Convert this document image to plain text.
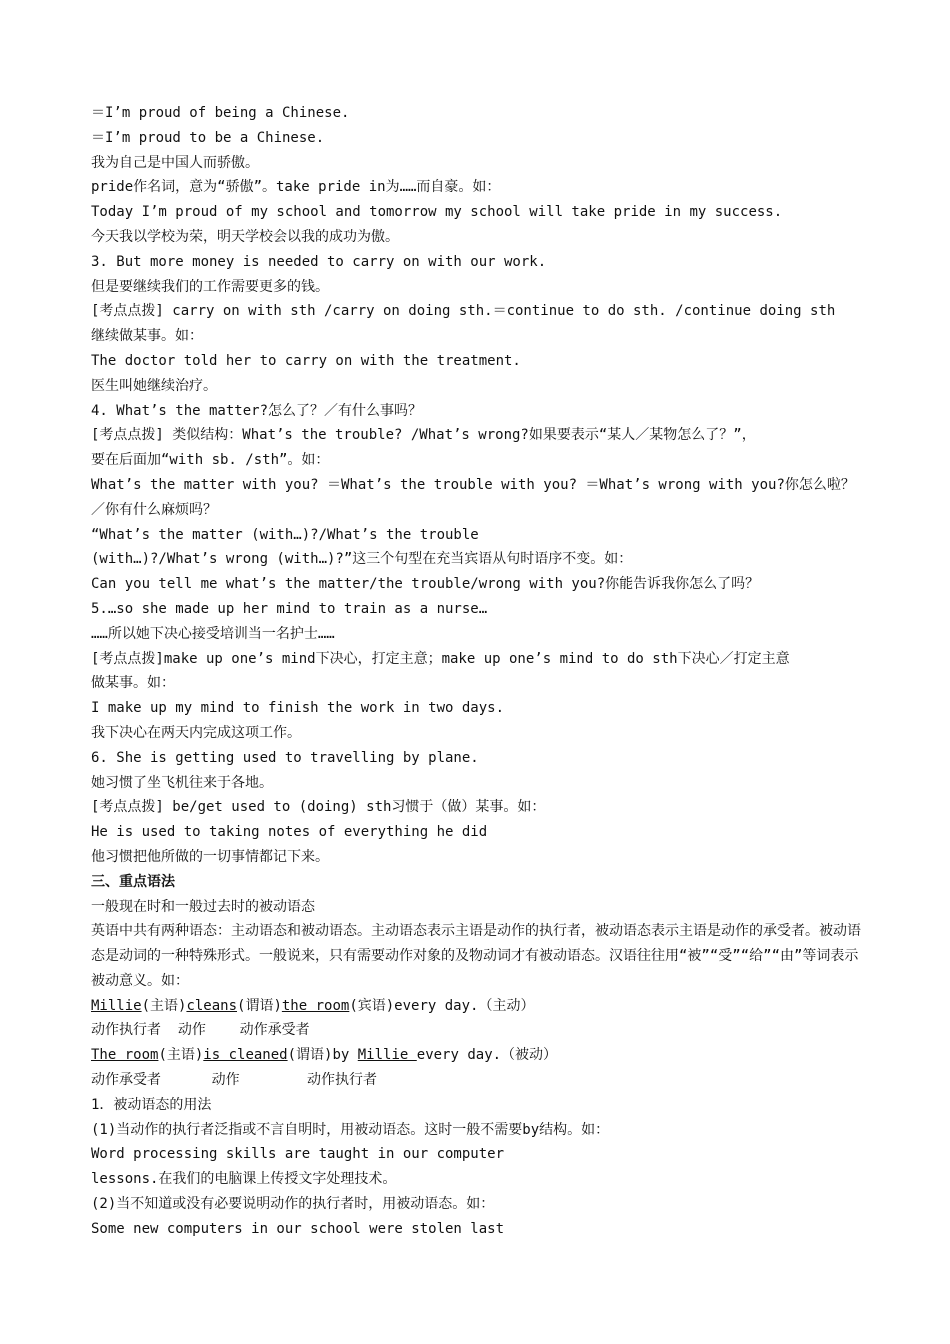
＝I’m proud of being a Chinese.
＝I’m proud to be a Chinese.
我为自己是中国人而骄傲。
pride作名词，意为“骄傲”。take pride in为……而自豪。如：
Today I’m proud of my school and tomorrow my school will take pride in my success.
今天我以学校为荣，明天学校会以我的成功为傲。
3. But more money is needed to carry on with our work.
但是要继续我们的工作需要更多的钱。
[考点点拨] carry on with sth /carry on doing sth.＝continue to do sth. /continue doing sth
继续做某事。如：
The doctor told her to carry on with the treatment.
医生叫她继续治疗。
4. What’s the matter?怎么了？／有什么事吗？
[考点点拨] 类似结构：What’s the trouble? /What’s wrong?如果要表示“某人／某物怎么了？”，
要在后面加“with sb. /sth”。如：
What’s the matter with you? ＝What’s the trouble with you? ＝What’s wrong with you?你怎么啦？
／你有什么麻烦吗？
“What’s the matter (with…)?/What’s the trouble
(with…)?/What’s wrong (with…)?”这三个句型在充当宾语从句时语序不变。如：
Can you tell me what’s the matter/the trouble/wrong with you?你能告诉我你怎么了吗？
5.…so she made up her mind to train as a nurse…
……所以她下决心接受培训当一名护士……
[考点点拨]make up one’s mind下决心，打定主意；make up one’s mind to do sth下决心／打定主意
做某事。如：
I make up my mind to finish the work in two days.
我下决心在两天内完成这项工作。
6. She is getting used to travelling by plane.
她习惯了坐飞机往来于各地。
[考点点拨] be/get used to (doing) sth习惯于（做）某事。如：
He is used to taking notes of everything he did
他习惯把他所做的一切事情都记下来。
三、重点语法
一般现在时和一般过去时的被动语态
英语中共有两种语态：主动语态和被动语态。主动语态表示主语是动作的执行者，被动语态表示主语是动作的承受者。被动语态是动词的一种特殊形式。一般说来，只有需要动作对象的及物动词才有被动语态。汉语往往用“被”“受”“给”“由”等词表示被动意义。如：
Millie(主语)cleans(谓语)the room(宾语)every day.（主动）
动作执行者  动作    动作承受者
The room(主语)is cleaned(谓语)by Millie every day.（被动）
动作承受者      动作        动作执行者
1．被动语态的用法
(1)当动作的执行者泛指或不言自明时，用被动语态。这时一般不需要by结构。如：
Word processing skills are taught in our computer
lessons.在我们的电脑课上传授文字处理技术。
(2)当不知道或没有必要说明动作的执行者时，用被动语态。如：
Some new computers in our school were stolen last
